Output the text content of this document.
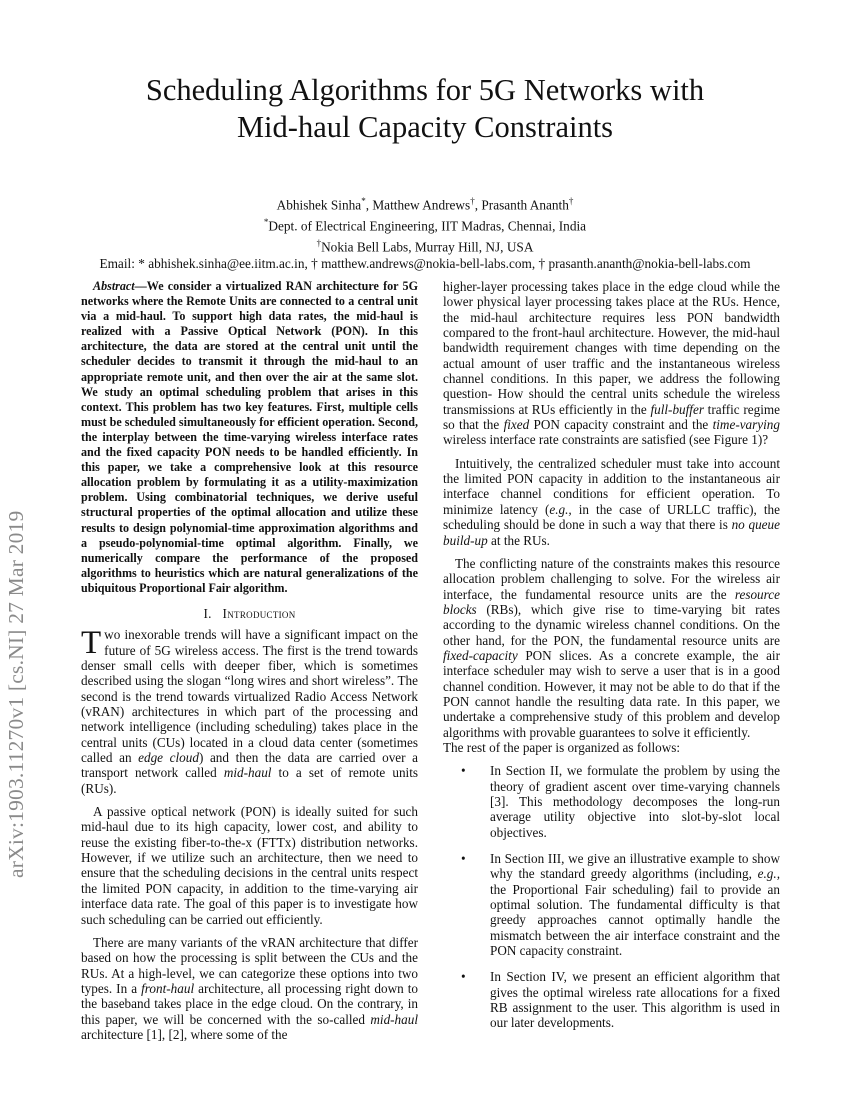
arXiv:1903.11270v1 [cs.NI] 27 Mar 2019
Scheduling Algorithms for 5G Networks with
Mid-haul Capacity Constraints
Abhishek Sinha*, Matthew Andrews†, Prasanth Ananth†
*Dept. of Electrical Engineering, IIT Madras, Chennai, India
†Nokia Bell Labs, Murray Hill, NJ, USA
Email: * abhishek.sinha@ee.iitm.ac.in, † matthew.andrews@nokia-bell-labs.com, † prasanth.ananth@nokia-bell-labs.com
Abstract—We consider a virtualized RAN architecture for 5G networks where the Remote Units are connected to a central unit via a mid-haul. To support high data rates, the mid-haul is realized with a Passive Optical Network (PON). In this architecture, the data are stored at the central unit until the scheduler decides to transmit it through the mid-haul to an appropriate remote unit, and then over the air at the same slot. We study an optimal scheduling problem that arises in this context. This problem has two key features. First, multiple cells must be scheduled simultaneously for efficient operation. Second, the interplay between the time-varying wireless interface rates and the fixed capacity PON needs to be handled efficiently. In this paper, we take a comprehensive look at this resource allocation problem by formulating it as a utility-maximization problem. Using combinatorial techniques, we derive useful structural properties of the optimal allocation and utilize these results to design polynomial-time approximation algorithms and a pseudo-polynomial-time optimal algorithm. Finally, we numerically compare the performance of the proposed algorithms to heuristics which are natural generalizations of the ubiquitous Proportional Fair algorithm.
I. Introduction

Two inexorable trends will have a significant impact on the future of 5G wireless access. The first is the trend towards denser small cells with deeper fiber, which is sometimes described using the slogan “long wires and short wireless”. The second is the trend towards virtualized Radio Access Network (vRAN) architectures in which part of the processing and network intelligence (including scheduling) takes place in the central units (CUs) located in a cloud data center (sometimes called an edge cloud) and then the data are carried over a transport network called mid-haul to a set of remote units (RUs).

A passive optical network (PON) is ideally suited for such mid-haul due to its high capacity, lower cost, and ability to reuse the existing fiber-to-the-x (FTTx) distribution networks. However, if we utilize such an architecture, then we need to ensure that the scheduling decisions in the central units respect the limited PON capacity, in addition to the time-varying air interface data rate. The goal of this paper is to investigate how such scheduling can be carried out efficiently.

There are many variants of the vRAN architecture that differ based on how the processing is split between the CUs and the RUs. At a high-level, we can categorize these options into two types. In a front-haul architecture, all processing right down to the baseband takes place in the edge cloud. On the contrary, in this paper, we will be concerned with the so-called mid-haul architecture [1], [2], where some of the

higher-layer processing takes place in the edge cloud while the lower physical layer processing takes place at the RUs. Hence, the mid-haul architecture requires less PON bandwidth compared to the front-haul architecture. However, the mid-haul bandwidth requirement changes with time depending on the actual amount of user traffic and the instantaneous wireless channel conditions. In this paper, we address the following question- How should the central units schedule the wireless transmissions at RUs efficiently in the full-buffer traffic regime so that the fixed PON capacity constraint and the time-varying wireless interface rate constraints are satisfied (see Figure 1)?

Intuitively, the centralized scheduler must take into account the limited PON capacity in addition to the instantaneous air interface channel conditions for efficient operation. To minimize latency (e.g., in the case of URLLC traffic), the scheduling should be done in such a way that there is no queue build-up at the RUs.

The conflicting nature of the constraints makes this resource allocation problem challenging to solve. For the wireless air interface, the fundamental resource units are the resource blocks (RBs), which give rise to time-varying bit rates according to the dynamic wireless channel conditions. On the other hand, for the PON, the fundamental resource units are fixed-capacity PON slices. As a concrete example, the air interface scheduler may wish to serve a user that is in a good channel condition. However, it may not be able to do that if the PON cannot handle the resulting data rate. In this paper, we undertake a comprehensive study of this problem and develop algorithms with provable guarantees to solve it efficiently.

The rest of the paper is organized as follows:

• In Section II, we formulate the problem by using the theory of gradient ascent over time-varying channels [3]. This methodology decomposes the long-run average utility objective into slot-by-slot local objectives.
• In Section III, we give an illustrative example to show why the standard greedy algorithms (including, e.g., the Proportional Fair scheduling) fail to provide an optimal solution. The fundamental difficulty is that greedy approaches cannot optimally handle the mismatch between the air interface constraint and the PON capacity constraint.
• In Section IV, we present an efficient algorithm that gives the optimal wireless rate allocations for a fixed RB assignment to the user. This algorithm is used in our later developments.
